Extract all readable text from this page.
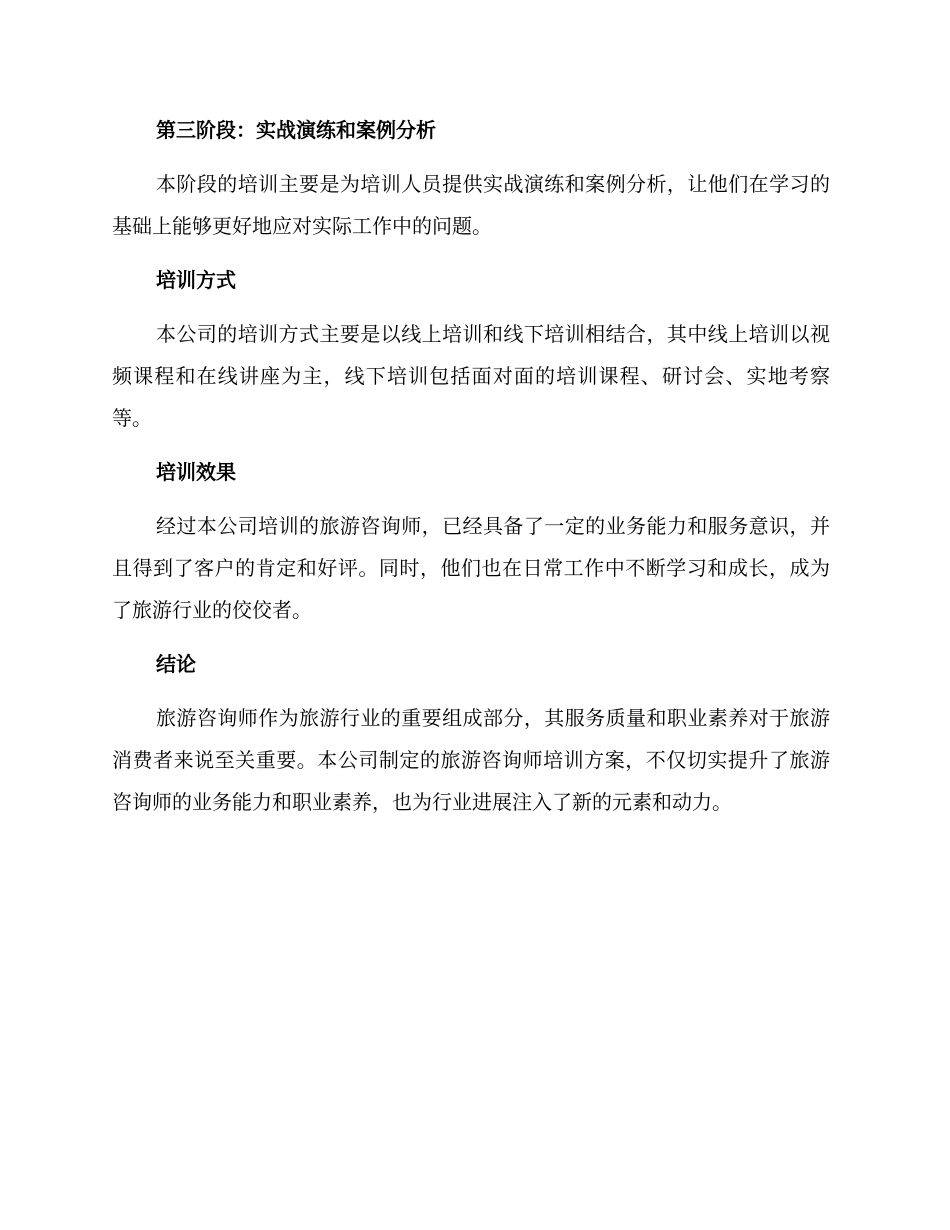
第三阶段：实战演练和案例分析
本阶段的培训主要是为培训人员提供实战演练和案例分析，让他们在学习的基础上能够更好地应对实际工作中的问题。
培训方式
本公司的培训方式主要是以线上培训和线下培训相结合，其中线上培训以视频课程和在线讲座为主，线下培训包括面对面的培训课程、研讨会、实地考察等。
培训效果
经过本公司培训的旅游咨询师，已经具备了一定的业务能力和服务意识，并且得到了客户的肯定和好评。同时，他们也在日常工作中不断学习和成长，成为了旅游行业的佼佼者。
结论
旅游咨询师作为旅游行业的重要组成部分，其服务质量和职业素养对于旅游消费者来说至关重要。本公司制定的旅游咨询师培训方案，不仅切实提升了旅游咨询师的业务能力和职业素养，也为行业进展注入了新的元素和动力。
